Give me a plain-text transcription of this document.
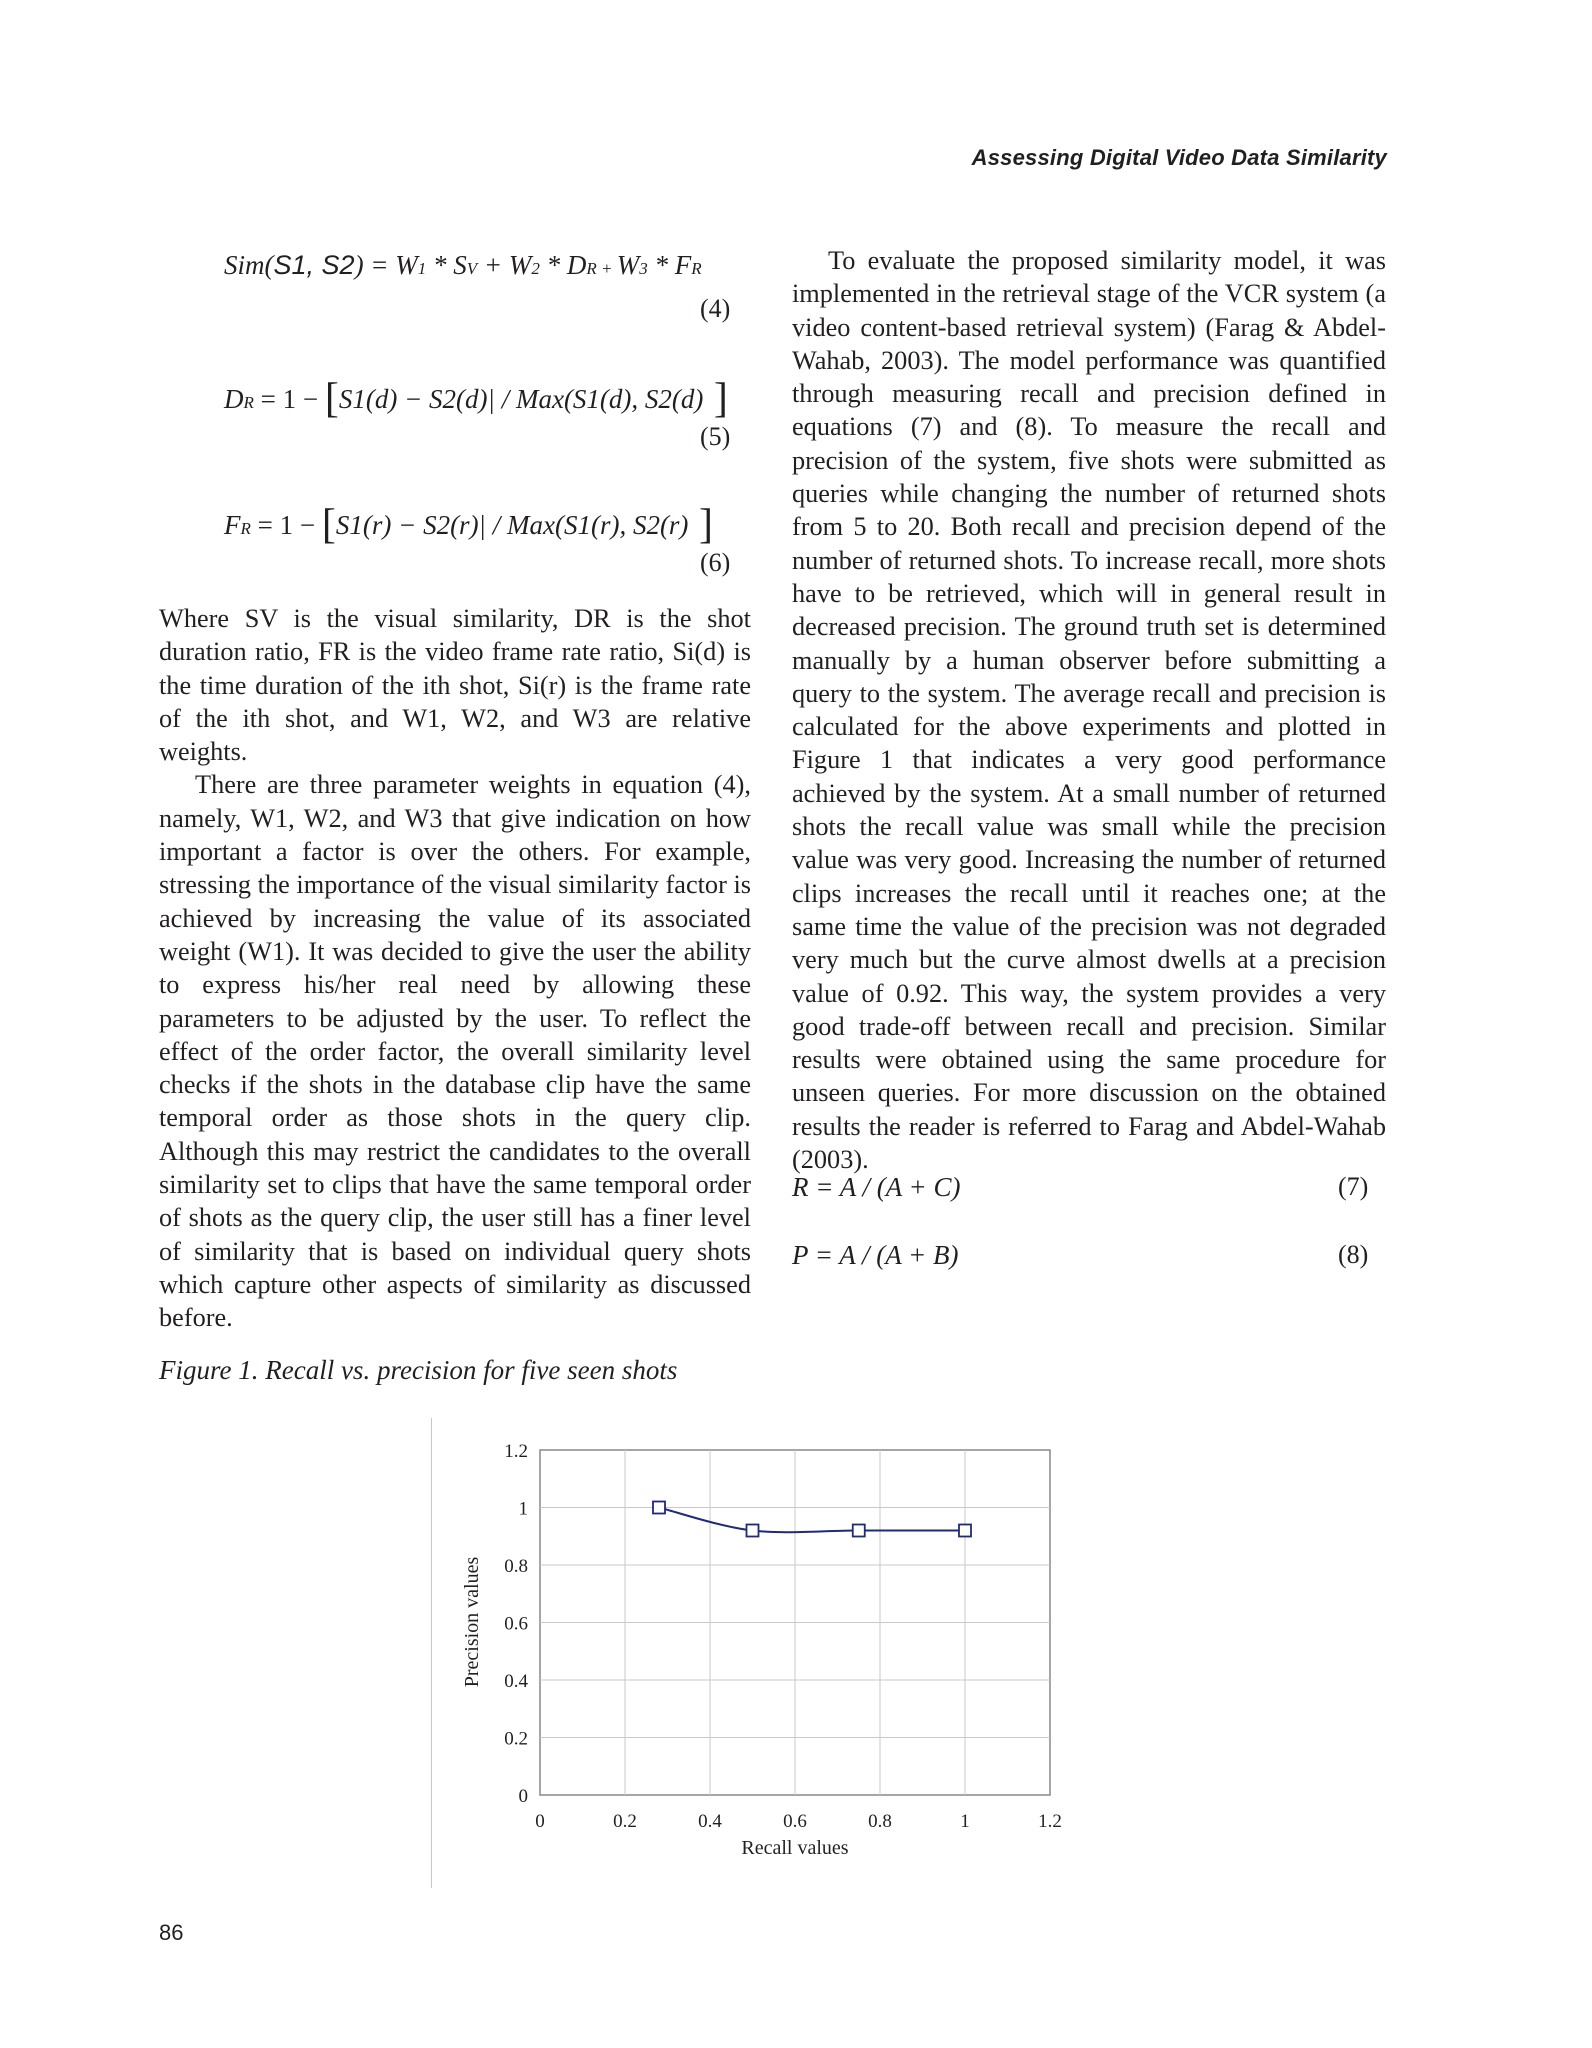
Assessing Digital Video Data Similarity
Sim(S1, S2) = W1 * SV + W2 * DR + W3 * FR
(4)
DR = 1 − [S1(d) − S2(d)| / Max(S1(d), S2(d) ]
(5)
FR = 1 − [S1(r) − S2(r)| / Max(S1(r), S2(r) ]
(6)

Where SV is the visual similarity, DR is the shot duration ratio, FR is the video frame rate ratio, Si(d) is the time duration of the ith shot, Si(r) is the frame rate of the ith shot, and W1, W2, and W3 are relative weights.

There are three parameter weights in equation (4), namely, W1, W2, and W3 that give indication on how important a factor is over the others. For example, stressing the importance of the visual similarity factor is achieved by increasing the value of its associated weight (W1). It was decided to give the user the ability to express his/her real need by allowing these parameters to be adjusted by the user. To reflect the effect of the order factor, the overall similarity level checks if the shots in the database clip have the same temporal order as those shots in the query clip. Although this may restrict the candidates to the overall similarity set to clips that have the same temporal order of shots as the query clip, the user still has a finer level of similarity that is based on individual query shots which capture other aspects of similarity as discussed before.

To evaluate the proposed similarity model, it was implemented in the retrieval stage of the VCR system (a video content-based retrieval system) (Farag & Abdel-Wahab, 2003). The model performance was quantified through measuring recall and precision defined in equations (7) and (8). To measure the recall and precision of the system, five shots were submitted as queries while changing the number of returned shots from 5 to 20. Both recall and precision depend of the number of returned shots. To increase recall, more shots have to be retrieved, which will in general result in decreased precision. The ground truth set is determined manually by a human observer before submitting a query to the system. The average recall and precision is calculated for the above experiments and plotted in Figure 1 that indicates a very good performance achieved by the system. At a small number of returned shots the recall value was small while the precision value was very good. Increasing the number of returned clips increases the recall until it reaches one; at the same time the value of the precision was not degraded very much but the curve almost dwells at a precision value of 0.92. This way, the system provides a very good trade-off between recall and precision. Similar results were obtained using the same procedure for unseen queries. For more discussion on the obtained results the reader is referred to Farag and Abdel-Wahab (2003).

R = A / (A + C)	(7)
P = A / (A + B)	(8)
Figure 1. Recall vs. precision for five seen shots
0
0.2
0.4
0.6
0.8
1
1.2
0	0.2	0.4	0.6	0.8	1	1.2
Recall values
Precision values
86
